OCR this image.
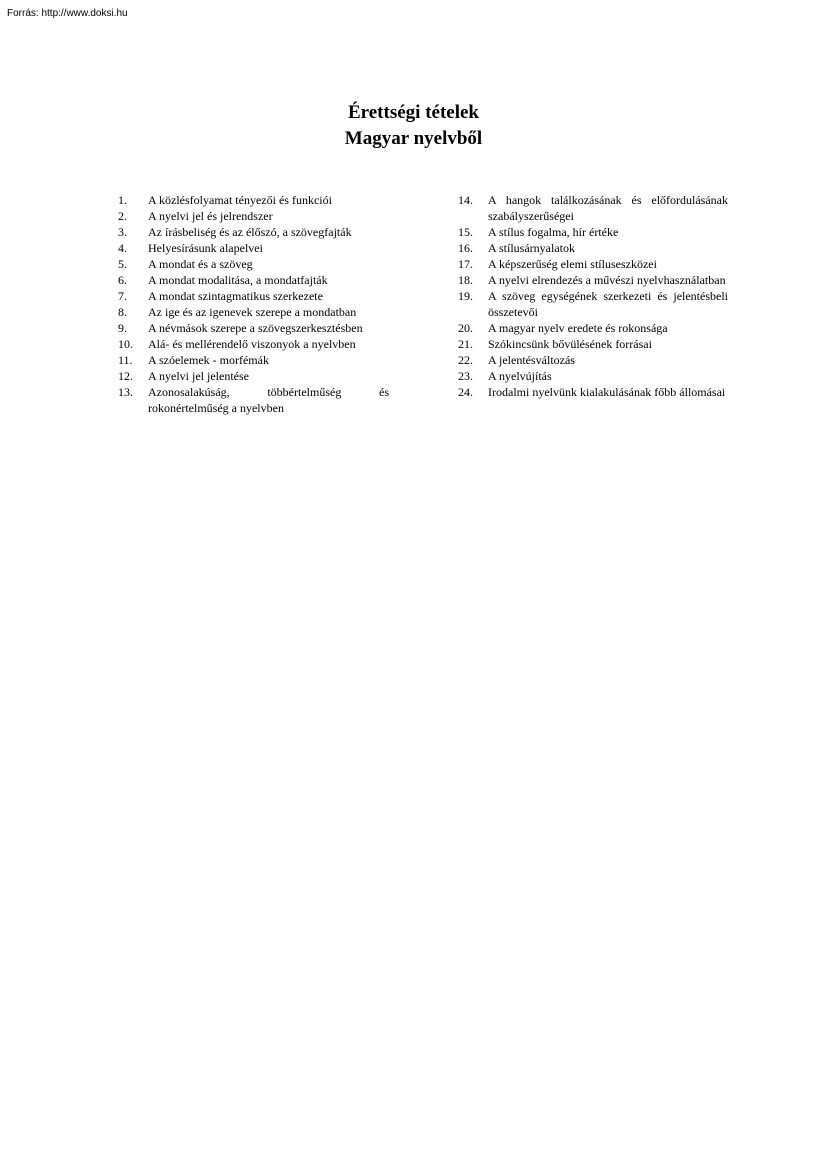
Forrás: http://www.doksi.hu
Érettségi tételek
Magyar nyelvből
1.	A közlésfolyamat tényezői és funkciói
2.	A nyelvi jel és jelrendszer
3.	Az írásbeliség és az élőszó, a szövegfajták
4.	Helyesírásunk alapelvei
5.	A mondat és a szöveg
6.	A mondat modalitása, a mondatfajták
7.	A mondat szintagmatikus szerkezete
8.	Az ige és az igenevek szerepe a mondatban
9.	A névmások szerepe a szövegszerkesztésben
10.	Alá- és mellérendelő viszonyok a nyelvben
11.	A szóelemek - morfémák
12.	A nyelvi jel jelentése
13.	Azonosalakúság, többértelműség és rokonértelműség a nyelvben
14.	A hangok találkozásának és előfordulásának szabályszerűségei
15.	A stílus fogalma, hír értéke
16.	A stílusárnyalatok
17.	A képszerűség elemi stíluseszközei
18.	A nyelvi elrendezés a művészi nyelvhasználatban
19.	A szöveg egységének szerkezeti és jelentésbeli összetevői
20.	A magyar nyelv eredete és rokonsága
21.	Szókincsünk bővülésének forrásai
22.	A jelentésváltozás
23.	A nyelvújítás
24.	Irodalmi nyelvünk kialakulásának főbb állomásai
